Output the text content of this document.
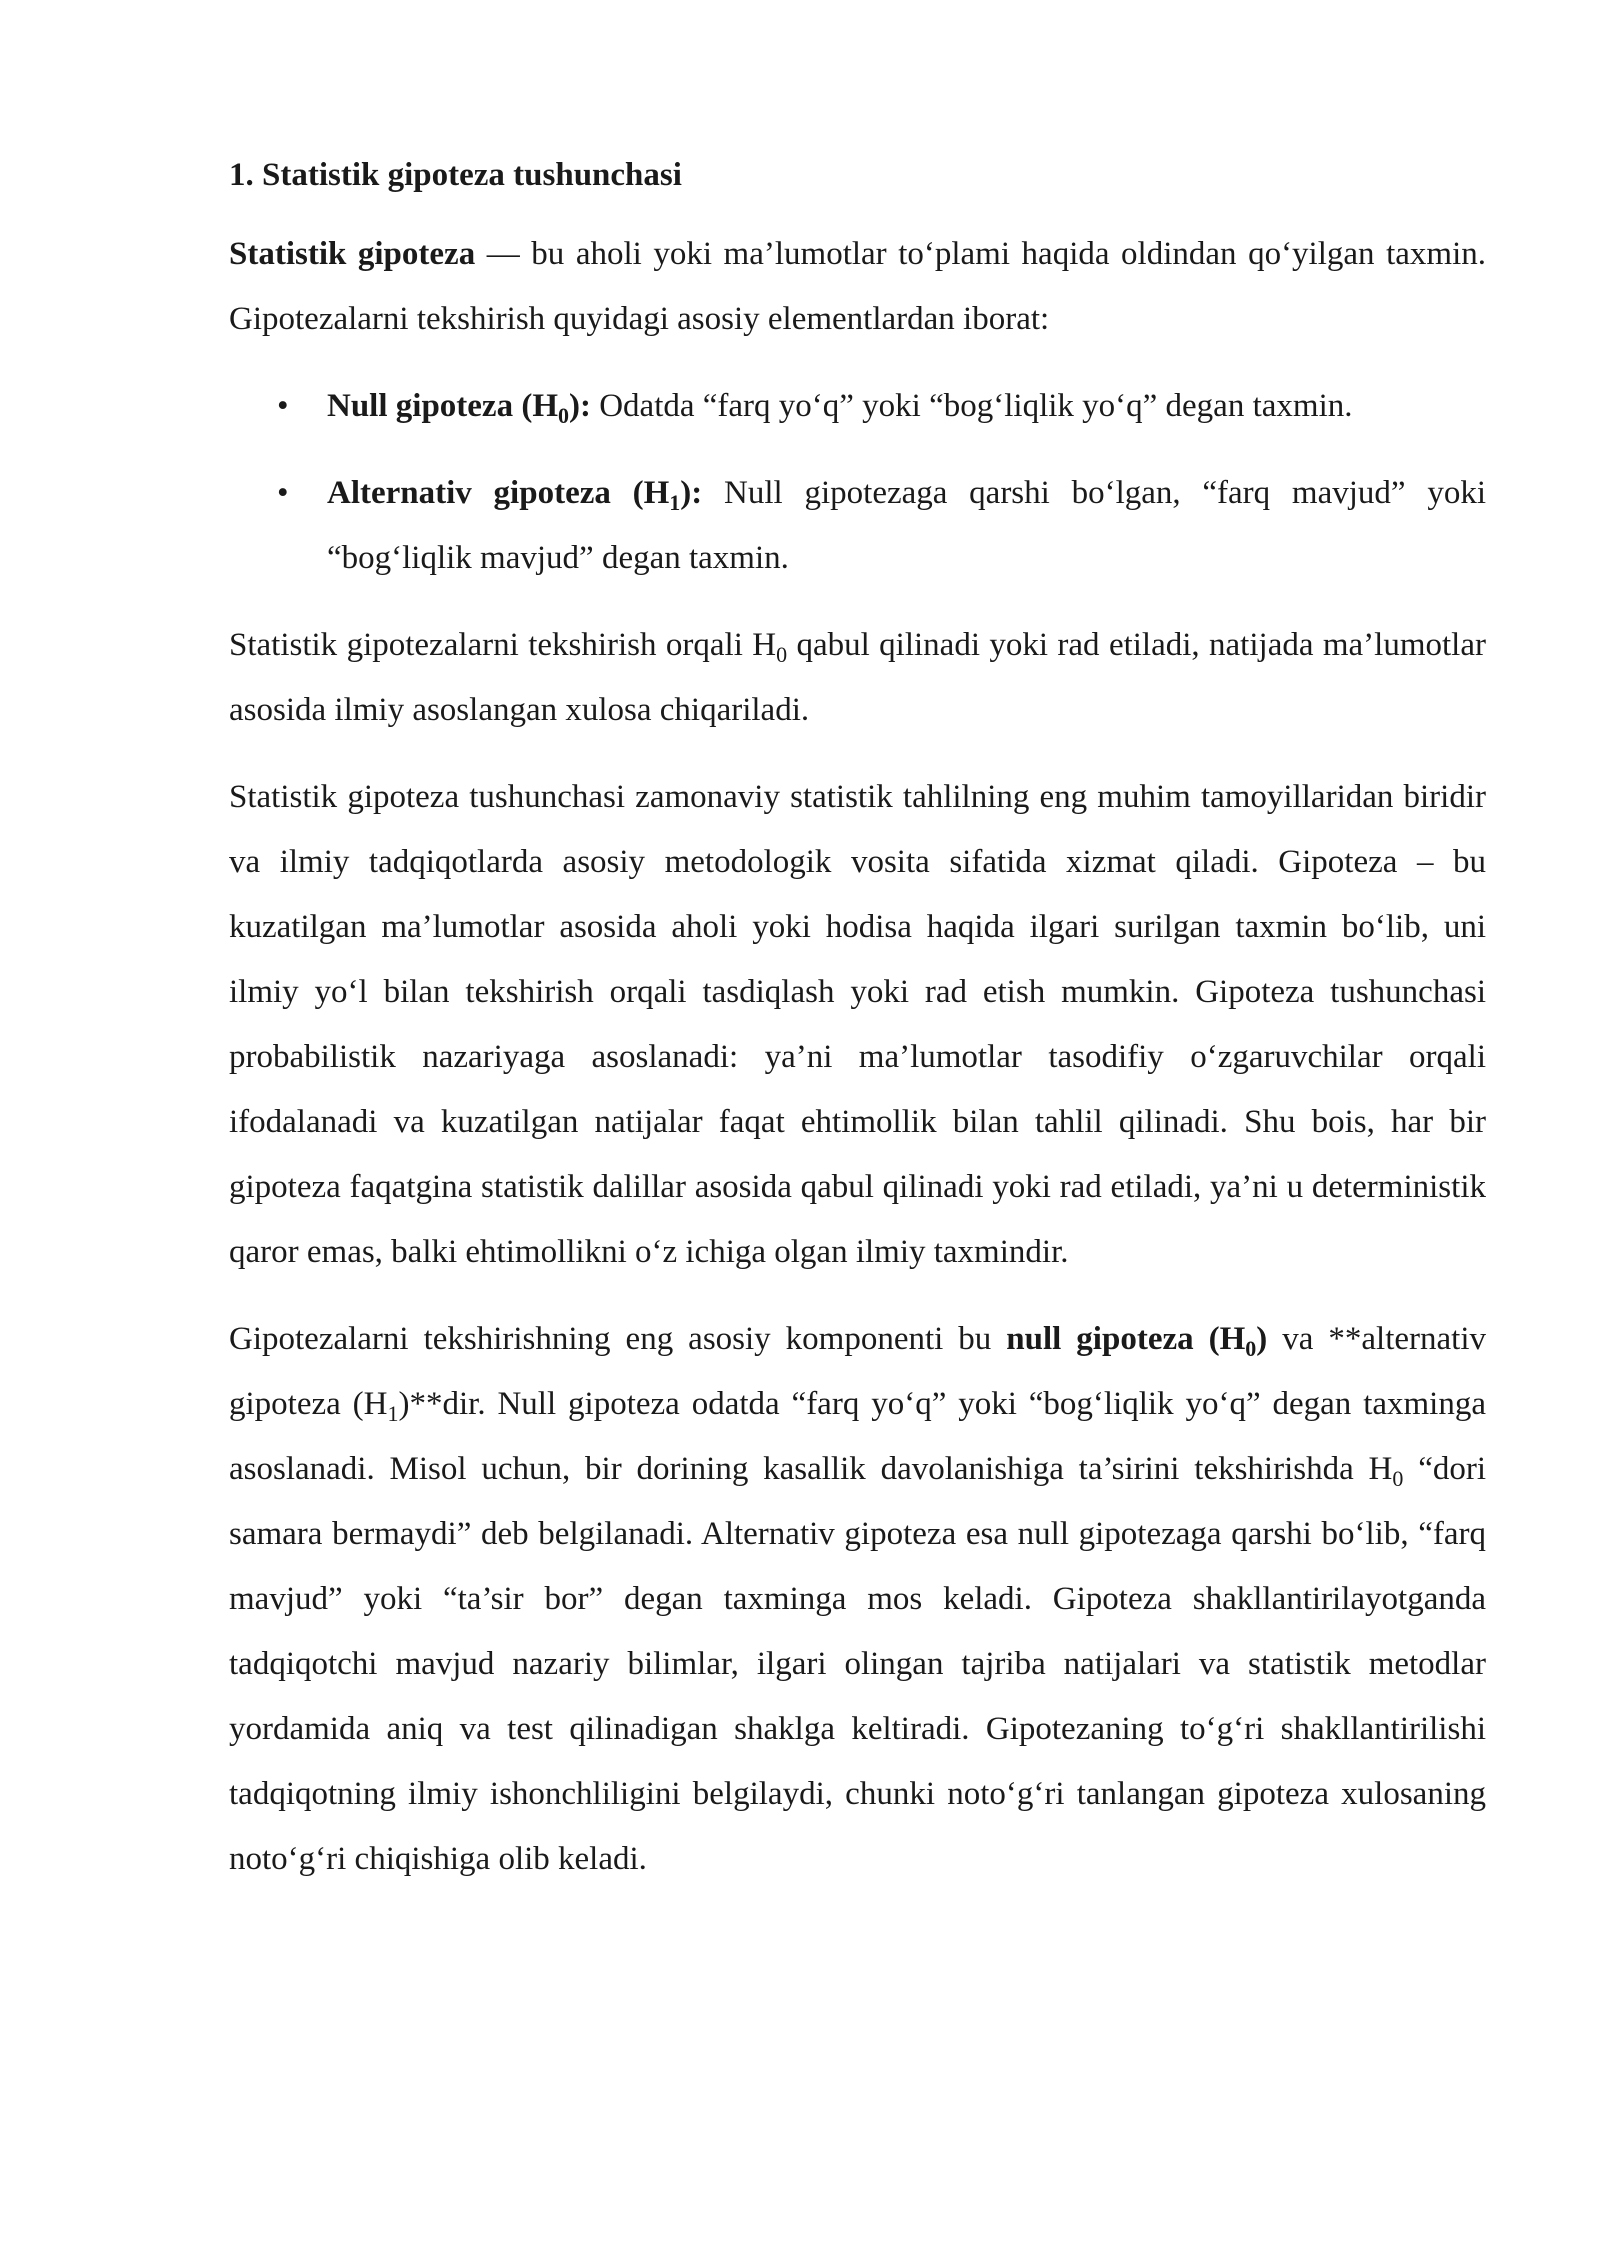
1. Statistik gipoteza tushunchasi

Statistik gipoteza — bu aholi yoki ma’lumotlar to‘plami haqida oldindan qo‘yilgan taxmin. Gipotezalarni tekshirish quyidagi asosiy elementlardan iborat:

• Null gipoteza $(H_0)$: Odatda “farq yo‘q” yoki “bog‘liqlik yo‘q” degan taxmin.
• Alternativ gipoteza $(H_1)$: Null gipotezaga qarshi bo‘lgan, “farq mavjud” yoki “bog‘liqlik mavjud” degan taxmin.

Statistik gipotezalarni tekshirish orqali $H_0$ qabul qilinadi yoki rad etiladi, natijada ma’lumotlar asosida ilmiy asoslangan xulosa chiqariladi.

Statistik gipoteza tushunchasi zamonaviy statistik tahlilning eng muhim tamoyillaridan biridir va ilmiy tadqiqotlarda asosiy metodologik vosita sifatida xizmat qiladi. Gipoteza – bu kuzatilgan ma’lumotlar asosida aholi yoki hodisa haqida ilgari surilgan taxmin bo‘lib, uni ilmiy yo‘l bilan tekshirish orqali tasdiqlash yoki rad etish mumkin. Gipoteza tushunchasi probabilistik nazariyaga asoslanadi: ya’ni ma’lumotlar tasodifiy o‘zgaruvchilar orqali ifodalanadi va kuzatilgan natijalar faqat ehtimollik bilan tahlil qilinadi. Shu bois, har bir gipoteza faqatgina statistik dalillar asosida qabul qilinadi yoki rad etiladi, ya’ni u deterministik qaror emas, balki ehtimollikni o‘z ichiga olgan ilmiy taxmindir.

Gipotezalarni tekshirishning eng asosiy komponenti bu null gipoteza $(H_0)$ va **alternativ gipoteza $(H_1)**dir$. Null gipoteza odatda “farq yo‘q” yoki “bog‘liqlik yo‘q” degan taxminga asoslanadi. Misol uchun, bir dorining kasallik davolanishiga ta’sirini tekshirishda $H_0$ “dori samara bermaydi” deb belgilanadi. Alternativ gipoteza esa null gipotezaga qarshi bo‘lib, “farq mavjud” yoki “ta’sir bor” degan taxminga mos keladi. Gipoteza shakllantirilayotganda tadqiqotchi mavjud nazariy bilimlar, ilgari olingan tajriba natijalari va statistik metodlar yordamida aniq va test qilinadigan shaklga keltiradi. Gipotezaning to‘g‘ri shakllantirilishi tadqiqotning ilmiy ishonchliligini belgilaydi, chunki noto‘g‘ri tanlangan gipoteza xulosaning noto‘g‘ri chiqishiga olib keladi.
